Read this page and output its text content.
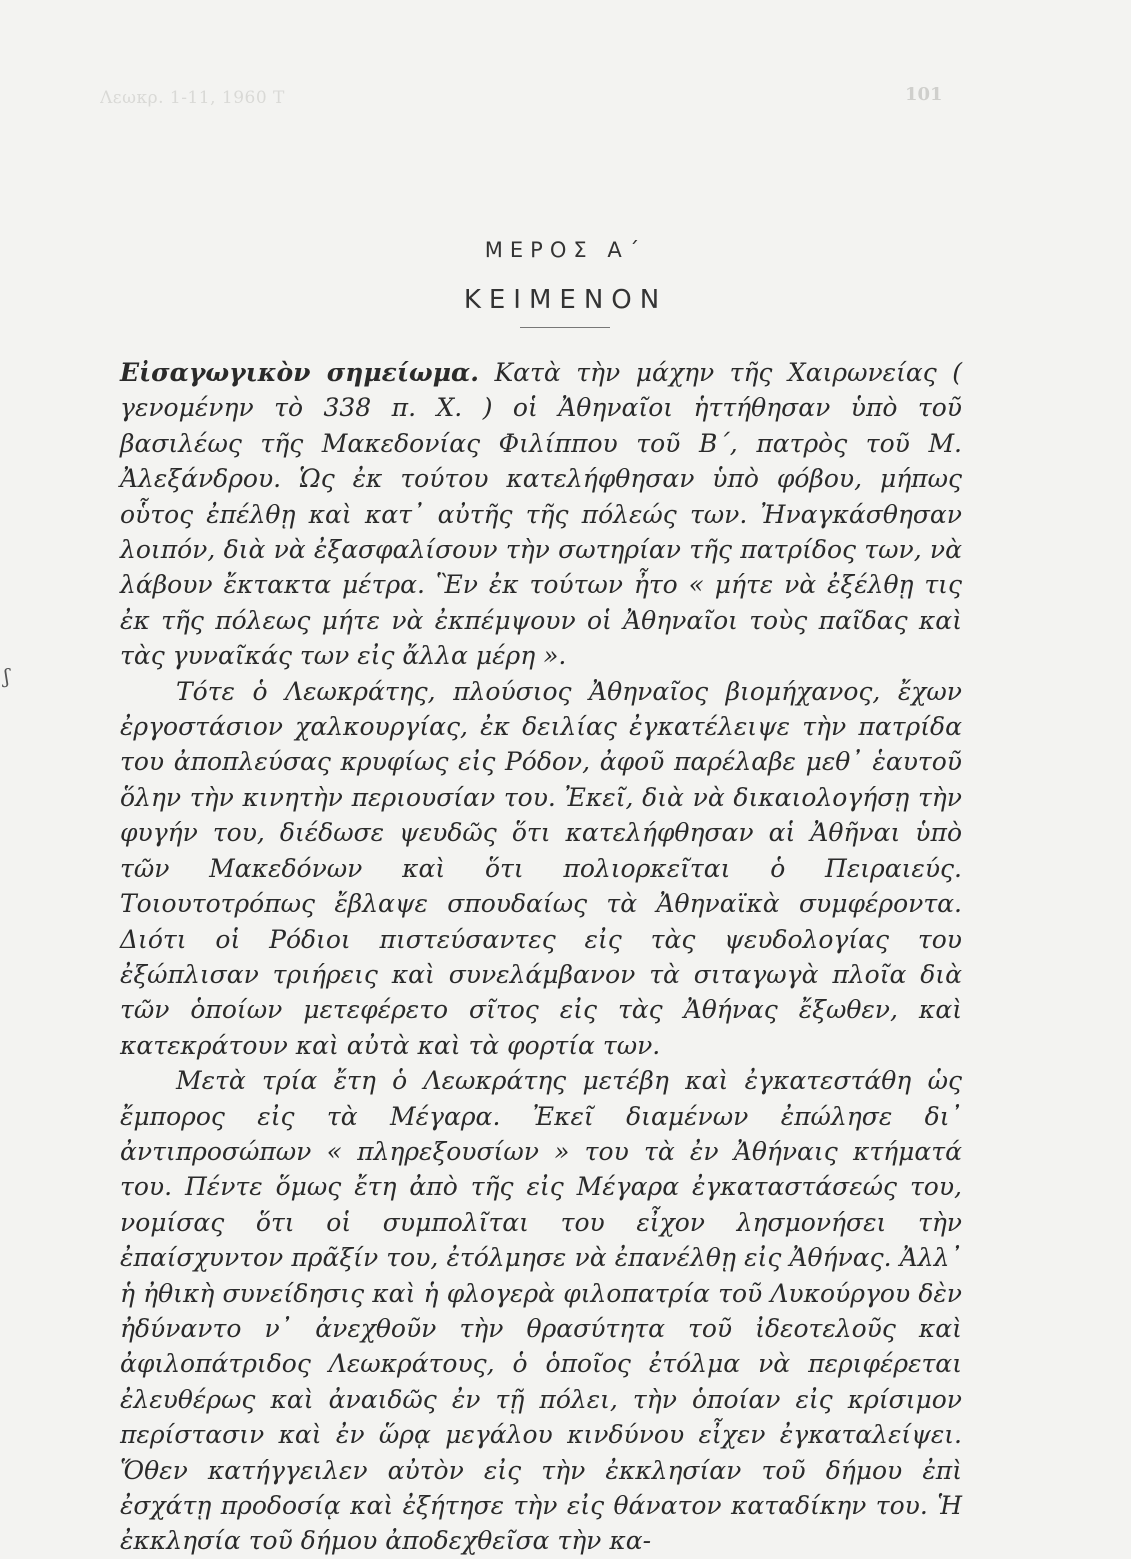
Λεωκρ. 1-11, 1960 Τ	101
ΜΕΡΟΣ Α΄
ΚΕΙΜΕΝΟΝ
ʃ

Εἰσαγωγικὸν σημείωμα. Κατὰ τὴν μάχην τῆς Χαιρωνείας ( γενομένην τὸ 338 π. Χ. ) οἱ Ἀθηναῖοι ἡττήθησαν ὑπὸ τοῦ βασιλέως τῆς Μακεδονίας Φιλίππου τοῦ Β΄, πατρὸς τοῦ Μ. Ἀλεξάνδρου. Ὡς ἐκ τούτου κατελήφθησαν ὑπὸ φόβου, μήπως οὗτος ἐπέλθῃ καὶ κατ᾽ αὐτῆς τῆς πόλεώς των. Ἠναγκάσθησαν λοιπόν, διὰ νὰ ἐξασφαλίσουν τὴν σωτηρίαν τῆς πατρίδος των, νὰ λάβουν ἔκτακτα μέτρα. Ἓν ἐκ τούτων ἦτο « μήτε νὰ ἐξέλθῃ τις ἐκ τῆς πόλεως μήτε νὰ ἐκπέμψουν οἱ Ἀθηναῖοι τοὺς παῖδας καὶ τὰς γυναῖκάς των εἰς ἄλλα μέρη ».

Τότε ὁ Λεωκράτης, πλούσιος Ἀθηναῖος βιομήχανος, ἔχων ἐργοστάσιον χαλκουργίας, ἐκ δειλίας ἐγκατέλειψε τὴν πατρίδα του ἀποπλεύσας κρυφίως εἰς Ρόδον, ἀφοῦ παρέλαβε μεθ᾽ ἑαυτοῦ ὅλην τὴν κινητὴν περιουσίαν του. Ἐκεῖ, διὰ νὰ δικαιολογήσῃ τὴν φυγήν του, διέδωσε ψευδῶς ὅτι κατελήφθησαν αἱ Ἀθῆναι ὑπὸ τῶν Μακεδόνων καὶ ὅτι πολιορκεῖται ὁ Πειραιεύς. Τοιουτοτρόπως ἔβλαψε σπουδαίως τὰ Ἀθηναϊκὰ συμφέροντα. Διότι οἱ Ρόδιοι πιστεύσαντες εἰς τὰς ψευδολογίας του ἐξώπλισαν τριήρεις καὶ συνελάμβανον τὰ σιταγωγὰ πλοῖα διὰ τῶν ὁποίων μετεφέρετο σῖτος εἰς τὰς Ἀθήνας ἔξωθεν, καὶ κατεκράτουν καὶ αὐτὰ καὶ τὰ φορτία των.

Μετὰ τρία ἔτη ὁ Λεωκράτης μετέβη καὶ ἐγκατεστάθη ὡς ἔμπορος εἰς τὰ Μέγαρα. Ἐκεῖ διαμένων ἐπώλησε δι᾽ ἀντιπροσώπων « πληρεξουσίων » του τὰ ἐν Ἀθήναις κτήματά του. Πέντε ὅμως ἔτη ἀπὸ τῆς εἰς Μέγαρα ἐγκαταστάσεώς του, νομίσας ὅτι οἱ συμπολῖται του εἶχον λησμονήσει τὴν ἐπαίσχυντον πρᾶξίν του, ἐτόλμησε νὰ ἐπανέλθῃ εἰς Ἀθήνας. Ἀλλ᾽ ἡ ἠθικὴ συνείδησις καὶ ἡ φλογερὰ φιλοπατρία τοῦ Λυκούργου δὲν ἠδύναντο ν᾽ ἀνεχθοῦν τὴν θρασύτητα τοῦ ἰδεοτελοῦς καὶ ἀφιλοπάτριδος Λεωκράτους, ὁ ὁποῖος ἐτόλμα νὰ περιφέρεται ἐλευθέρως καὶ ἀναιδῶς ἐν τῇ πόλει, τὴν ὁποίαν εἰς κρίσιμον περίστασιν καὶ ἐν ὥρᾳ μεγάλου κινδύνου εἶχεν ἐγκαταλείψει. Ὅθεν κατήγγειλεν αὐτὸν εἰς τὴν ἐκκλησίαν τοῦ δήμου ἐπὶ ἐσχάτῃ προδοσίᾳ καὶ ἐξήτησε τὴν εἰς θάνατον καταδίκην του. Ἡ ἐκκλησία τοῦ δήμου ἀποδεχθεῖσα τὴν κα-
